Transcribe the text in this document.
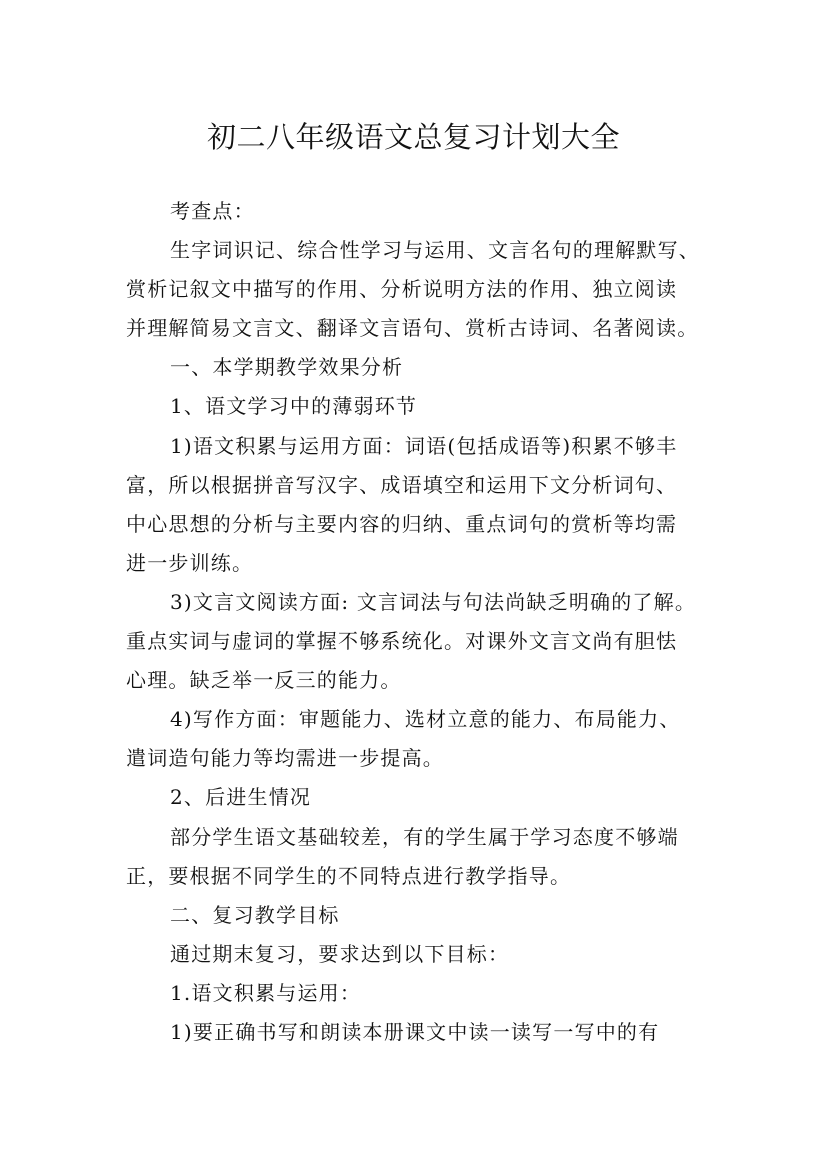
初二八年级语文总复习计划大全
考查点：
生字词识记、综合性学习与运用、文言名句的理解默写、
赏析记叙文中描写的作用、分析说明方法的作用、独立阅读
并理解简易文言文、翻译文言语句、赏析古诗词、名著阅读。
一、本学期教学效果分析
1、语文学习中的薄弱环节
1)语文积累与运用方面：词语(包括成语等)积累不够丰
富，所以根据拼音写汉字、成语填空和运用下文分析词句、
中心思想的分析与主要内容的归纳、重点词句的赏析等均需
进一步训练。
3)文言文阅读方面: 文言词法与句法尚缺乏明确的了解。
重点实词与虚词的掌握不够系统化。对课外文言文尚有胆怯
心理。缺乏举一反三的能力。
4)写作方面：审题能力、选材立意的能力、布局能力、
遣词造句能力等均需进一步提高。
2、后进生情况
部分学生语文基础较差，有的学生属于学习态度不够端
正，要根据不同学生的不同特点进行教学指导。
二、复习教学目标
通过期末复习，要求达到以下目标：
1.语文积累与运用：
1)要正确书写和朗读本册课文中读一读写一写中的有
